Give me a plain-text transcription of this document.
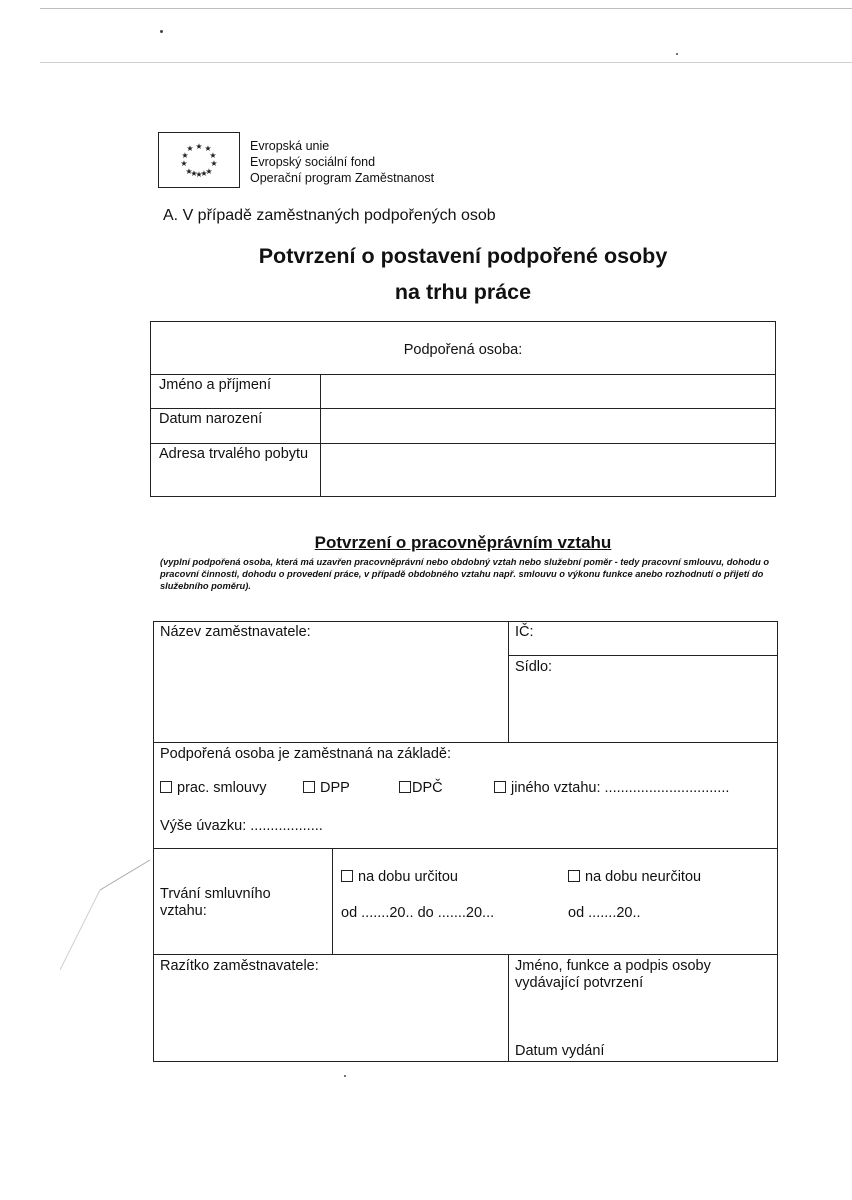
★ ★
★
★
★
★
★
★
★ ★
★
★
Evropská unie
Evropský sociální fond
Operační program Zaměstnanost
A. V případě zaměstnaných podpořených osob
Potvrzení o postavení podpořené osoby
na trhu práce
Podpořená osoba:
Jméno a příjmení
Datum narození
Adresa trvalého pobytu
Potvrzení o pracovněprávním vztahu
(vyplní podpořená osoba, která má uzavřen pracovněprávní nebo obdobný vztah nebo služební poměr - tedy pracovní smlouvu, dohodu o pracovní činnosti, dohodu o provedení práce, v případě obdobného vztahu např. smlouvu o výkonu funkce anebo rozhodnutí o přijetí do služebního poměru).
Název zaměstnavatele:	IČ:
Sídlo:
Podpořená osoba je zaměstnaná na základě:
prac. smlouvy	DPP	DPČ	jiného vztahu: ...............................
Výše úvazku: ..................
Trvání smluvního
vztahu:
na dobu určitou	na dobu neurčitou
od .......20.. do .......20...	od .......20..
Razítko zaměstnavatele:	Jméno, funkce a podpis osoby
vydávající potvrzení
Datum vydání
